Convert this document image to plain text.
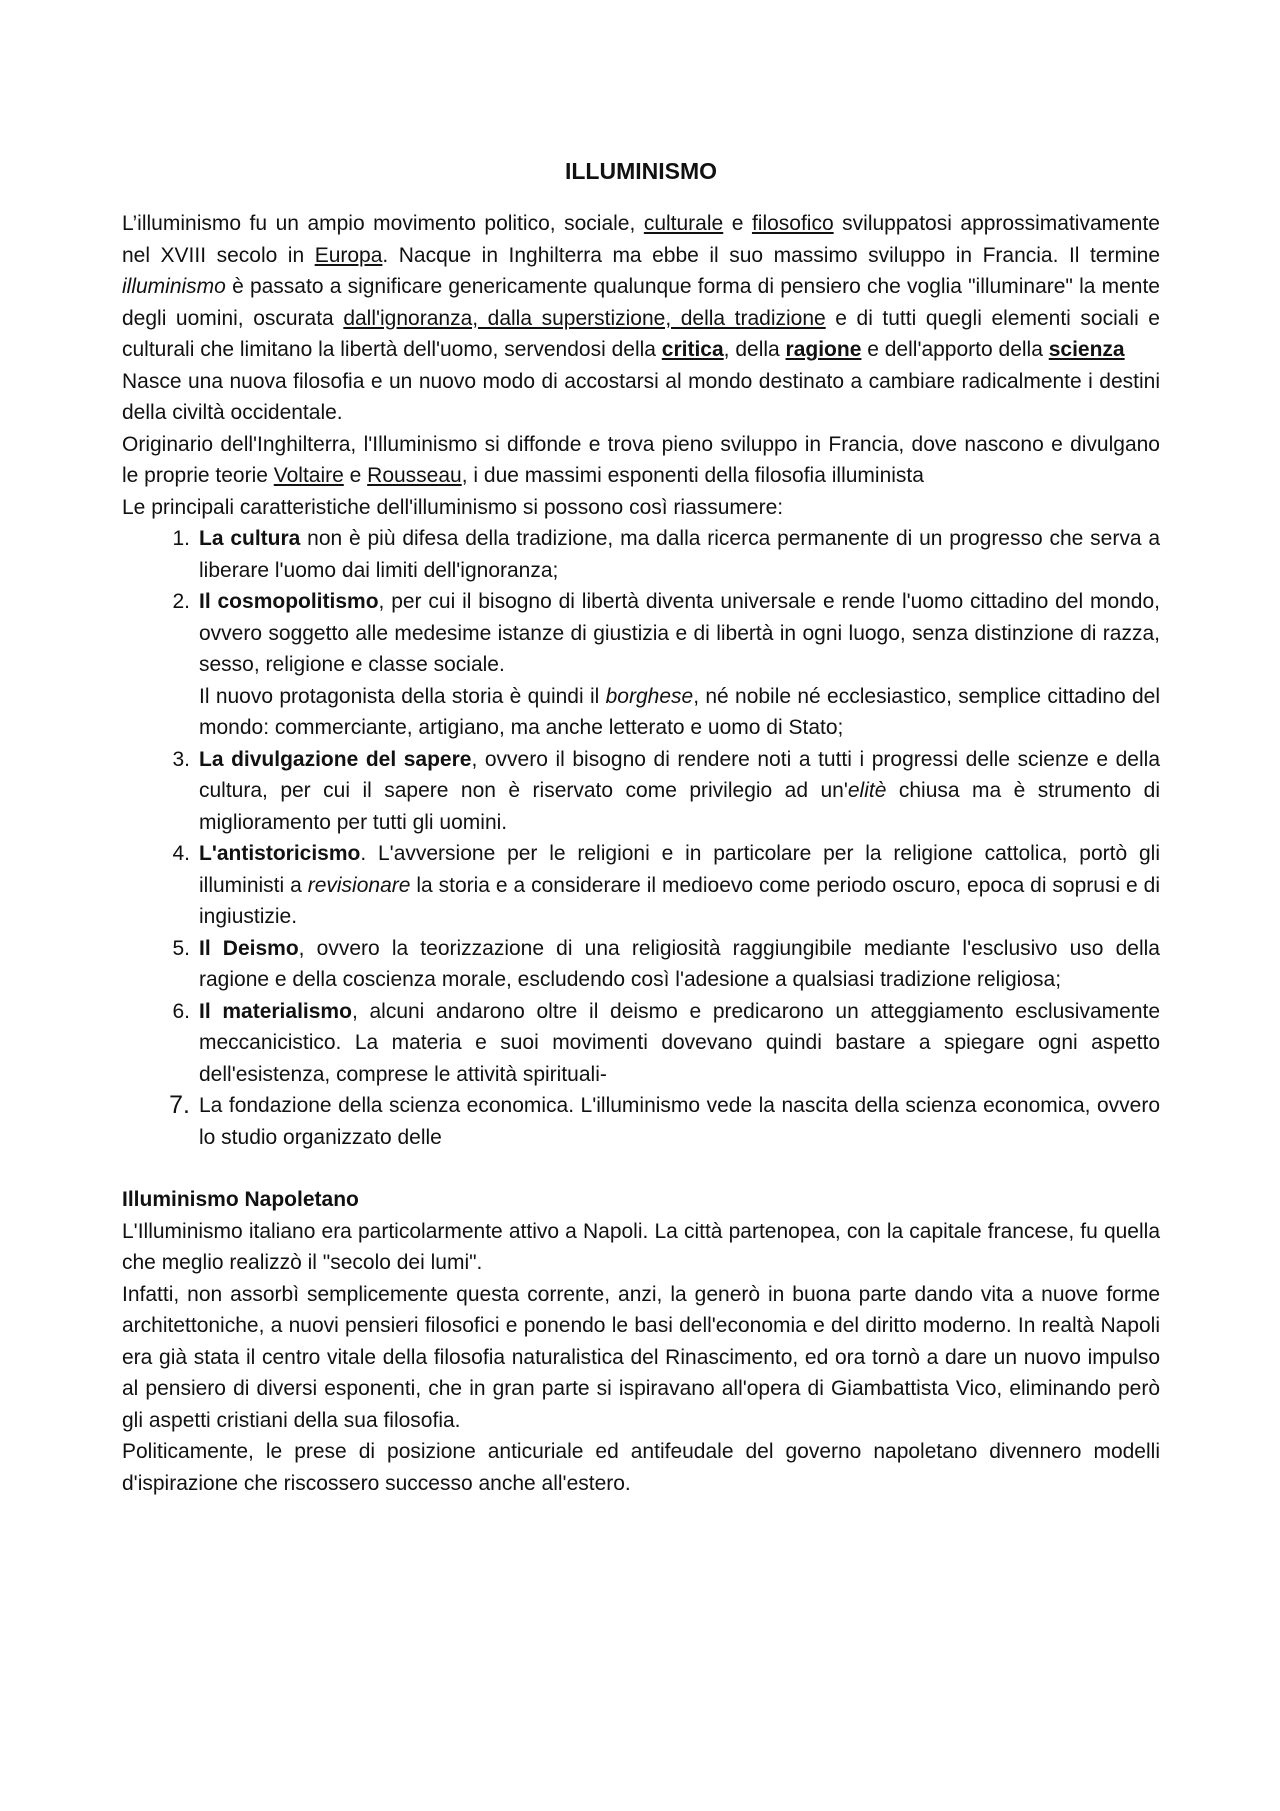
ILLUMINISMO

L’illuminismo fu un ampio movimento politico, sociale, culturale e filosofico sviluppatosi approssimativamente nel XVIII secolo in Europa. Nacque in Inghilterra ma ebbe il suo massimo sviluppo in Francia. Il termine illuminismo è passato a significare genericamente qualunque forma di pensiero che voglia "illuminare" la mente degli uomini, oscurata dall'ignoranza, dalla superstizione, della tradizione e di tutti quegli elementi sociali e culturali che limitano la libertà dell'uomo, servendosi della critica, della ragione e dell'apporto della scienza

Nasce una nuova filosofia e un nuovo modo di accostarsi al mondo destinato a cambiare radicalmente i destini della civiltà occidentale.

Originario dell'Inghilterra, l'Illuminismo si diffonde e trova pieno sviluppo in Francia, dove nascono e divulgano le proprie teorie Voltaire e Rousseau, i due massimi esponenti della filosofia illuminista

Le principali caratteristiche dell'illuminismo si possono così riassumere:

1. La cultura non è più difesa della tradizione, ma dalla ricerca permanente di un progresso che serva a liberare l'uomo dai limiti dell'ignoranza;
2. Il cosmopolitismo, per cui il bisogno di libertà diventa universale e rende l'uomo cittadino del mondo, ovvero soggetto alle medesime istanze di giustizia e di libertà in ogni luogo, senza distinzione di razza, sesso, religione e classe sociale.
Il nuovo protagonista della storia è quindi il borghese, né nobile né ecclesiastico, semplice cittadino del mondo: commerciante, artigiano, ma anche letterato e uomo di Stato;
3. La divulgazione del sapere, ovvero il bisogno di rendere noti a tutti i progressi delle scienze e della cultura, per cui il sapere non è riservato come privilegio ad un'elitè chiusa ma è strumento di miglioramento per tutti gli uomini.
4. L'antistoricismo. L'avversione per le religioni e in particolare per la religione cattolica, portò gli illuministi a revisionare la storia e a considerare il medioevo come periodo oscuro, epoca di soprusi e di ingiustizie.
5. Il Deismo, ovvero la teorizzazione di una religiosità raggiungibile mediante l'esclusivo uso della ragione e della coscienza morale, escludendo così l'adesione a qualsiasi tradizione religiosa;
6. Il materialismo, alcuni andarono oltre il deismo e predicarono un atteggiamento esclusivamente meccanicistico. La materia e suoi movimenti dovevano quindi bastare a spiegare ogni aspetto dell'esistenza, comprese le attività spirituali-
7. La fondazione della scienza economica. L'illuminismo vede la nascita della scienza economica, ovvero lo studio organizzato delle
Illuminismo Napoletano

L'Illuminismo italiano era particolarmente attivo a Napoli. La città partenopea, con la capitale francese, fu quella che meglio realizzò il "secolo dei lumi".

Infatti, non assorbì semplicemente questa corrente, anzi, la generò in buona parte dando vita a nuove forme architettoniche, a nuovi pensieri filosofici e ponendo le basi dell'economia e del diritto moderno. In realtà Napoli era già stata il centro vitale della filosofia naturalistica del Rinascimento, ed ora tornò a dare un nuovo impulso al pensiero di diversi esponenti, che in gran parte si ispiravano all'opera di Giambattista Vico, eliminando però gli aspetti cristiani della sua filosofia.

Politicamente, le prese di posizione anticuriale ed antifeudale del governo napoletano divennero modelli d'ispirazione che riscossero successo anche all'estero.
